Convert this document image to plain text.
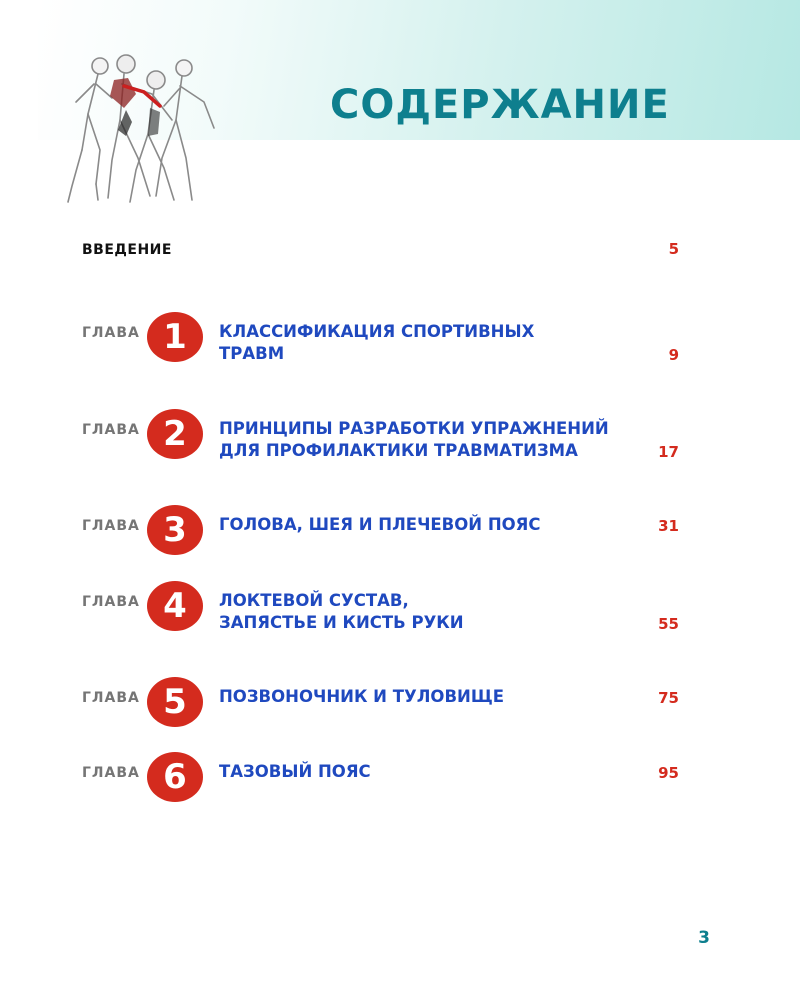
СОДЕРЖАНИЕ
ВВЕДЕНИЕ	5
ГЛАВА 1	КЛАССИФИКАЦИЯ СПОРТИВНЫХ
ТРАВМ	9
ГЛАВА 2	ПРИНЦИПЫ РАЗРАБОТКИ УПРАЖНЕНИЙ
ДЛЯ ПРОФИЛАКТИКИ ТРАВМАТИЗМА	17
ГЛАВА 3	ГОЛОВА, ШЕЯ И ПЛЕЧЕВОЙ ПОЯС	31
ГЛАВА 4	ЛОКТЕВОЙ СУСТАВ,
ЗАПЯСТЬЕ И КИСТЬ РУКИ	55
ГЛАВА 5	ПОЗВОНОЧНИК И ТУЛОВИЩЕ	75
ГЛАВА 6	ТАЗОВЫЙ ПОЯС	95
3
